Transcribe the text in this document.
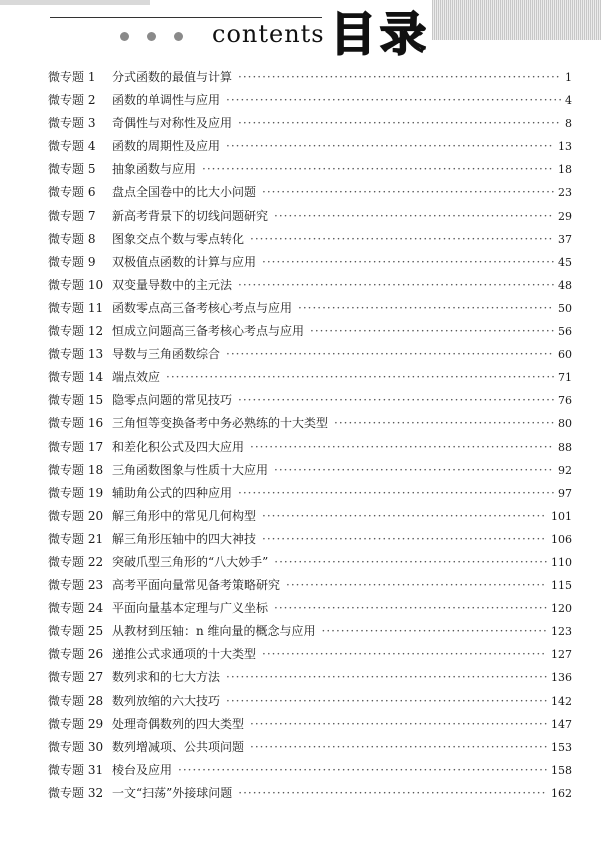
contents 目录
微专题 1	分式函数的最值与计算 ·····	1
微专题 2	函数的单调性与应用 ·····	4
微专题 3	奇偶性与对称性及应用 ·····	8
微专题 4	函数的周期性及应用 ·····	13
微专题 5	抽象函数与应用 ·····	18
微专题 6	盘点全国卷中的比大小问题 ·····	23
微专题 7	新高考背景下的切线问题研究 ·····	29
微专题 8	图象交点个数与零点转化 ·····	37
微专题 9	双极值点函数的计算与应用 ·····	45
微专题 10 双变量导数中的主元法 ·····	48
微专题 11 函数零点高三备考核心考点与应用 ·····	50
微专题 12 恒成立问题高三备考核心考点与应用 ·····	56
微专题 13 导数与三角函数综合 ·····	60
微专题 14 端点效应 ·····	71
微专题 15 隐零点问题的常见技巧 ·····	76
微专题 16 三角恒等变换备考中务必熟练的十大类型 ·····	80
微专题 17 和差化积公式及四大应用 ·····	88
微专题 18 三角函数图象与性质十大应用 ·····	92
微专题 19 辅助角公式的四种应用 ·····	97
微专题 20 解三角形中的常见几何构型 ·····	101
微专题 21 解三角形压轴中的四大神技 ·····	106
微专题 22 突破爪型三角形的“八大妙手” ·····	110
微专题 23 高考平面向量常见备考策略研究 ·····	115
微专题 24 平面向量基本定理与广义坐标 ·····	120
微专题 25 从教材到压轴：n 维向量的概念与应用 ·····	123
微专题 26 递推公式求通项的十大类型 ·····	127
微专题 27 数列求和的七大方法 ·····	136
微专题 28 数列放缩的六大技巧 ·····	142
微专题 29 处理奇偶数列的四大类型 ·····	147
微专题 30 数列增减项、公共项问题 ·····	153
微专题 31 棱台及应用 ·····	158
微专题 32 一文“扫荡”外接球问题 ·····	162
